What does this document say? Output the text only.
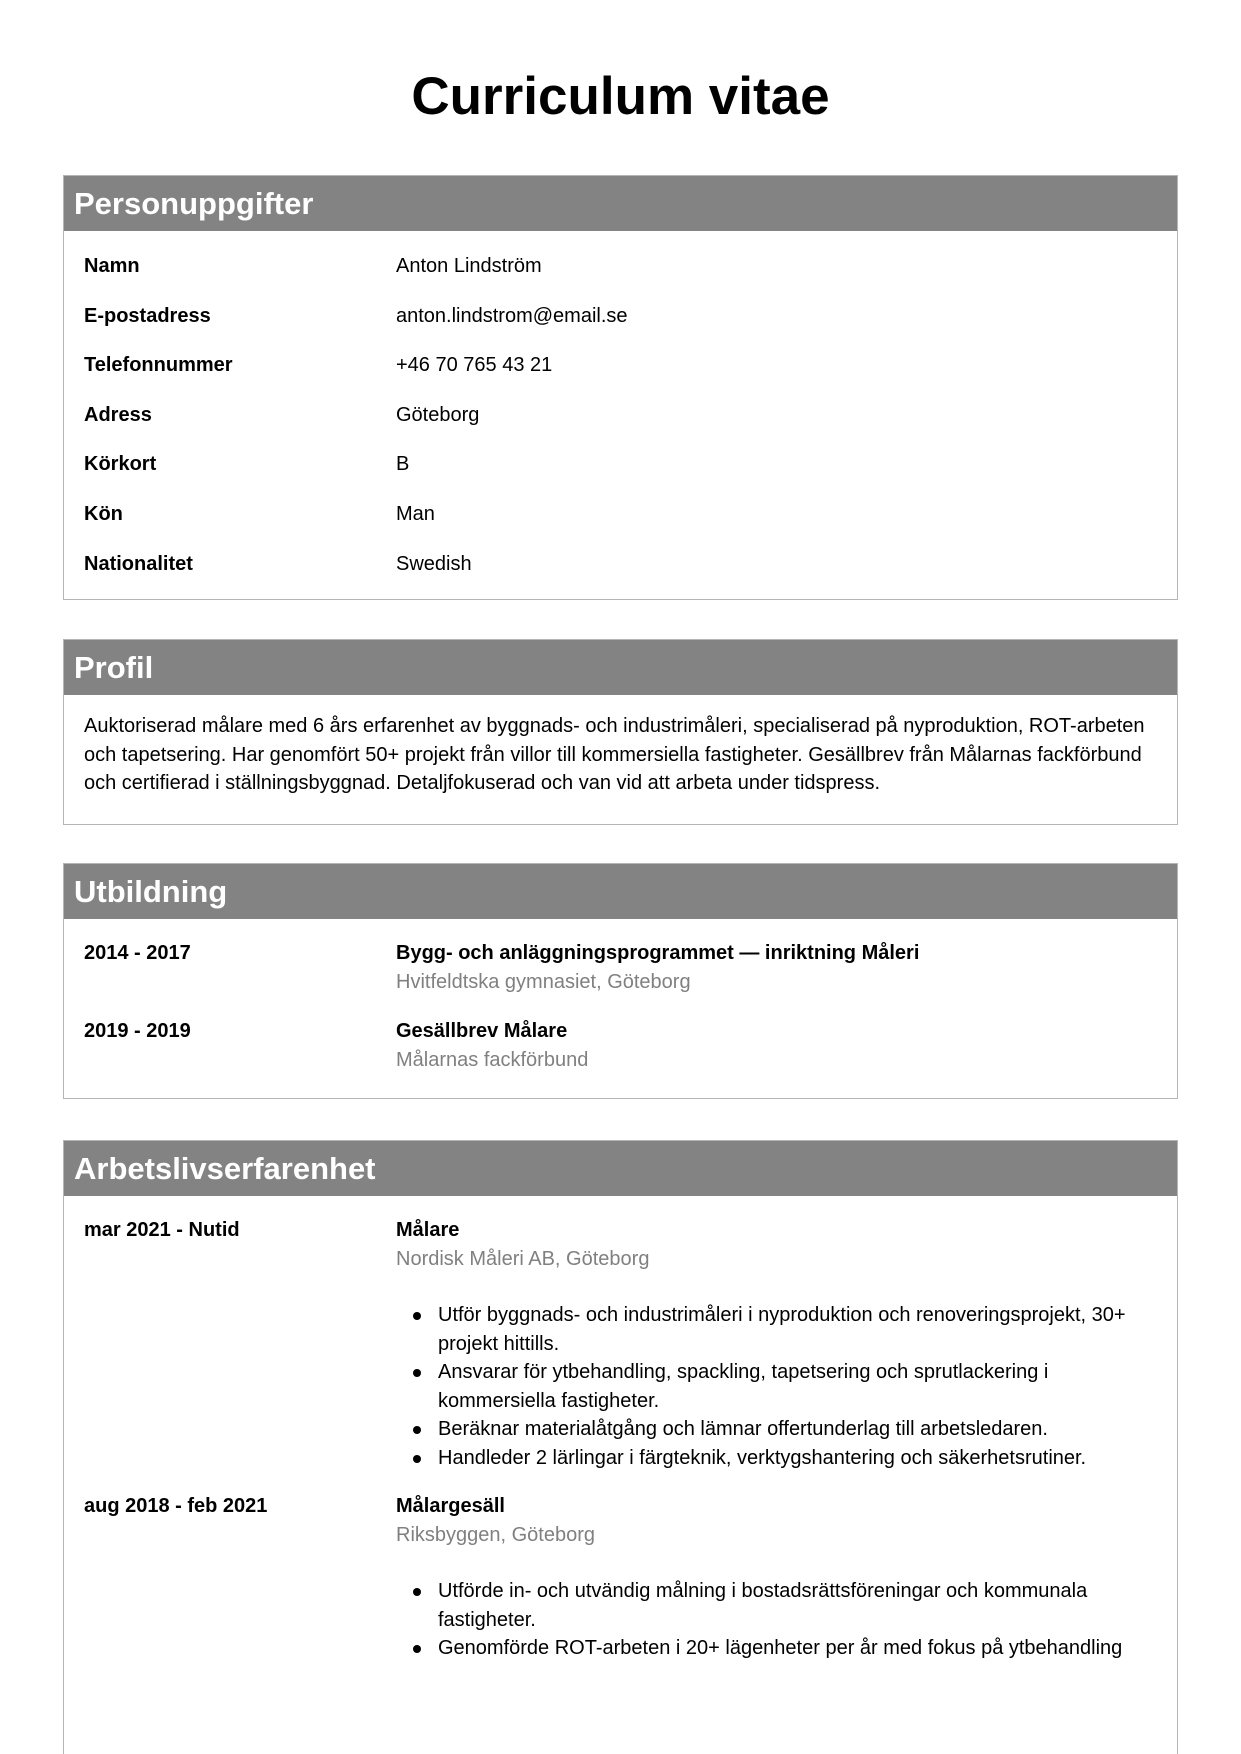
Curriculum vitae
Personuppgifter
Namn	Anton Lindström
E-postadress	anton.lindstrom@email.se
Telefonnummer	+46 70 765 43 21
Adress	Göteborg
Körkort	B
Kön	Man
Nationalitet	Swedish
Profil
Auktoriserad målare med 6 års erfarenhet av byggnads- och industrimåleri, specialiserad på nyproduktion, ROT-arbeten och tapetsering. Har genomfört 50+ projekt från villor till kommersiella fastigheter. Gesällbrev från Målarnas fackförbund och certifierad i ställningsbyggnad. Detaljfokuserad och van vid att arbeta under tidspress.
Utbildning
2014 - 2017	Bygg- och anläggningsprogrammet — inriktning Måleri
Hvitfeldtska gymnasiet, Göteborg
2019 - 2019	Gesällbrev Målare
Målarnas fackförbund
Arbetslivserfarenhet
mar 2021 - Nutid	Målare
Nordisk Måleri AB, Göteborg
Utför byggnads- och industrimåleri i nyproduktion och renoveringsprojekt, 30+ projekt hittills.
Ansvarar för ytbehandling, spackling, tapetsering och sprutlackering i kommersiella fastigheter.
Beräknar materialåtgång och lämnar offertunderlag till arbetsledaren.
Handleder 2 lärlingar i färgteknik, verktygshantering och säkerhetsrutiner.
aug 2018 - feb 2021	Målargesäll
Riksbyggen, Göteborg
Utförde in- och utvändig målning i bostadsrättsföreningar och kommunala fastigheter.
Genomförde ROT-arbeten i 20+ lägenheter per år med fokus på ytbehandling
